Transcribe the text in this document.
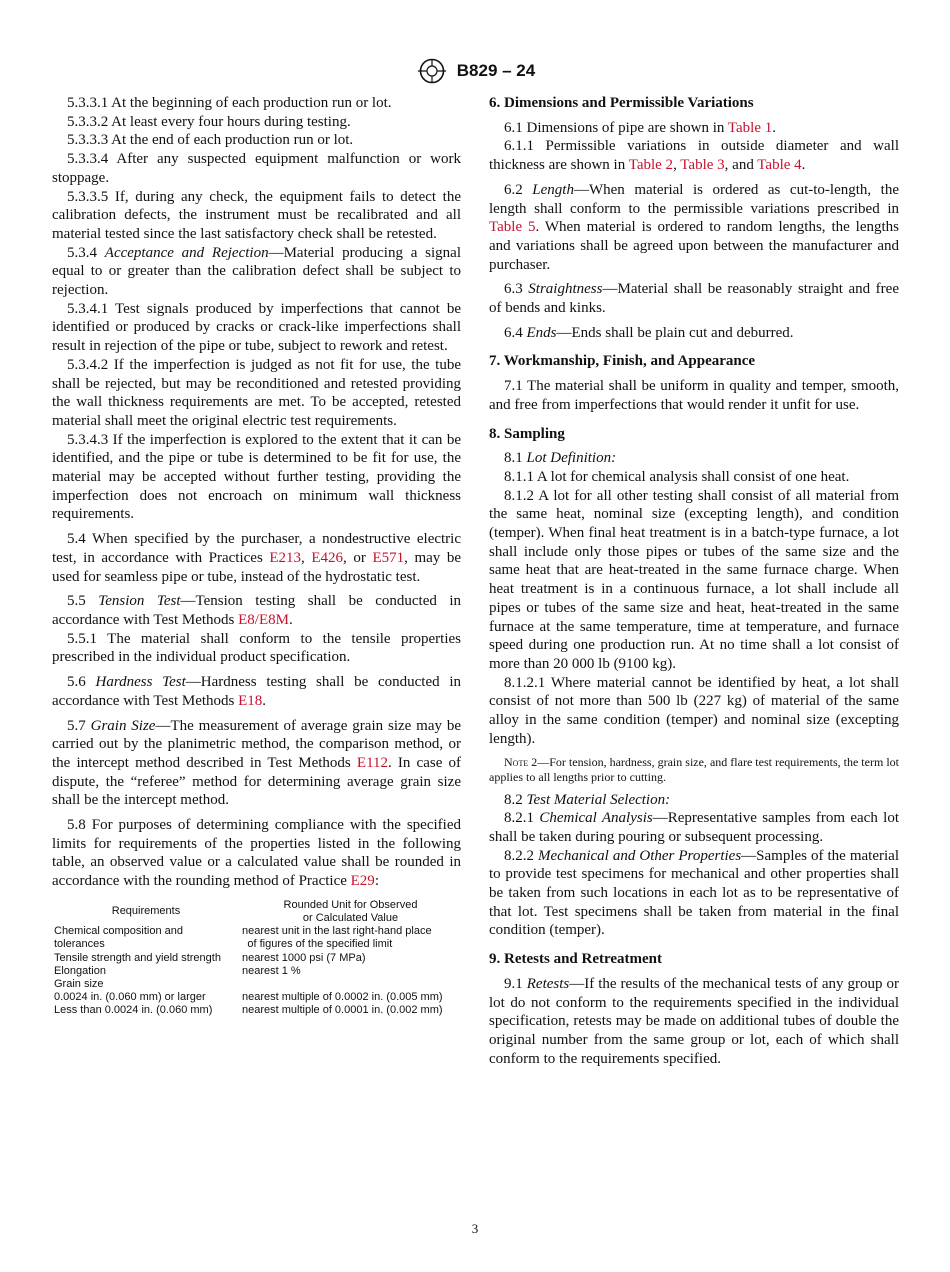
B829 – 24

5.3.3.1 At the beginning of each production run or lot.

5.3.3.2 At least every four hours during testing.

5.3.3.3 At the end of each production run or lot.

5.3.3.4 After any suspected equipment malfunction or work stoppage.

5.3.3.5 If, during any check, the equipment fails to detect the calibration defects, the instrument must be recalibrated and all material tested since the last satisfactory check shall be retested.

5.3.4 Acceptance and Rejection—Material producing a signal equal to or greater than the calibration defect shall be subject to rejection.

5.3.4.1 Test signals produced by imperfections that cannot be identified or produced by cracks or crack-like imperfections shall result in rejection of the pipe or tube, subject to rework and retest.

5.3.4.2 If the imperfection is judged as not fit for use, the tube shall be rejected, but may be reconditioned and retested providing the wall thickness requirements are met. To be accepted, retested material shall meet the original electric test requirements.

5.3.4.3 If the imperfection is explored to the extent that it can be identified, and the pipe or tube is determined to be fit for use, the material may be accepted without further testing, providing the imperfection does not encroach on minimum wall thickness requirements.

5.4 When specified by the purchaser, a nondestructive electric test, in accordance with Practices E213, E426, or E571, may be used for seamless pipe or tube, instead of the hydrostatic test.

5.5 Tension Test—Tension testing shall be conducted in accordance with Test Methods E8/E8M.

5.5.1 The material shall conform to the tensile properties prescribed in the individual product specification.

5.6 Hardness Test—Hardness testing shall be conducted in accordance with Test Methods E18.

5.7 Grain Size—The measurement of average grain size may be carried out by the planimetric method, the comparison method, or the intercept method described in Test Methods E112. In case of dispute, the “referee” method for determining average grain size shall be the intercept method.

5.8 For purposes of determining compliance with the specified limits for requirements of the properties listed in the following table, an observed value or a calculated value shall be rounded in accordance with the rounding method of Practice E29:

Requirements
Rounded Unit for Observed
or Calculated Value
Chemical composition and	nearest unit in the last right-hand place
tolerances	of figures of the specified limit
Tensile strength and yield strength	nearest 1000 psi (7 MPa)
Elongation	nearest 1 %
Grain size
0.0024 in. (0.060 mm) or larger	nearest multiple of 0.0002 in. (0.005 mm)
Less than 0.0024 in. (0.060 mm)	nearest multiple of 0.0001 in. (0.002 mm)
6. Dimensions and Permissible Variations

6.1 Dimensions of pipe are shown in Table 1.

6.1.1 Permissible variations in outside diameter and wall thickness are shown in Table 2, Table 3, and Table 4.

6.2 Length—When material is ordered as cut-to-length, the length shall conform to the permissible variations prescribed in Table 5. When material is ordered to random lengths, the lengths and variations shall be agreed upon between the manufacturer and purchaser.

6.3 Straightness—Material shall be reasonably straight and free of bends and kinks.

6.4 Ends—Ends shall be plain cut and deburred.

7. Workmanship, Finish, and Appearance

7.1 The material shall be uniform in quality and temper, smooth, and free from imperfections that would render it unfit for use.

8. Sampling

8.1 Lot Definition:

8.1.1 A lot for chemical analysis shall consist of one heat.

8.1.2 A lot for all other testing shall consist of all material from the same heat, nominal size (excepting length), and condition (temper). When final heat treatment is in a batch-type furnace, a lot shall include only those pipes or tubes of the same size and the same heat that are heat-treated in the same furnace charge. When heat treatment is in a continuous furnace, a lot shall include all pipes or tubes of the same size and heat, heat-treated in the same furnace at the same temperature, time at temperature, and furnace speed during one production run. At no time shall a lot consist of more than 20 000 lb (9100 kg).

8.1.2.1 Where material cannot be identified by heat, a lot shall consist of not more than 500 lb (227 kg) of material of the same alloy in the same condition (temper) and nominal size (excepting length).

Note 2—For tension, hardness, grain size, and flare test requirements, the term lot applies to all lengths prior to cutting.

8.2 Test Material Selection:

8.2.1 Chemical Analysis—Representative samples from each lot shall be taken during pouring or subsequent processing.

8.2.2 Mechanical and Other Properties—Samples of the material to provide test specimens for mechanical and other properties shall be taken from such locations in each lot as to be representative of that lot. Test specimens shall be taken from material in the final condition (temper).

9. Retests and Retreatment

9.1 Retests—If the results of the mechanical tests of any group or lot do not conform to the requirements specified in the individual specification, retests may be made on additional tubes of double the original number from the same group or lot, each of which shall conform to the requirements specified.

3
